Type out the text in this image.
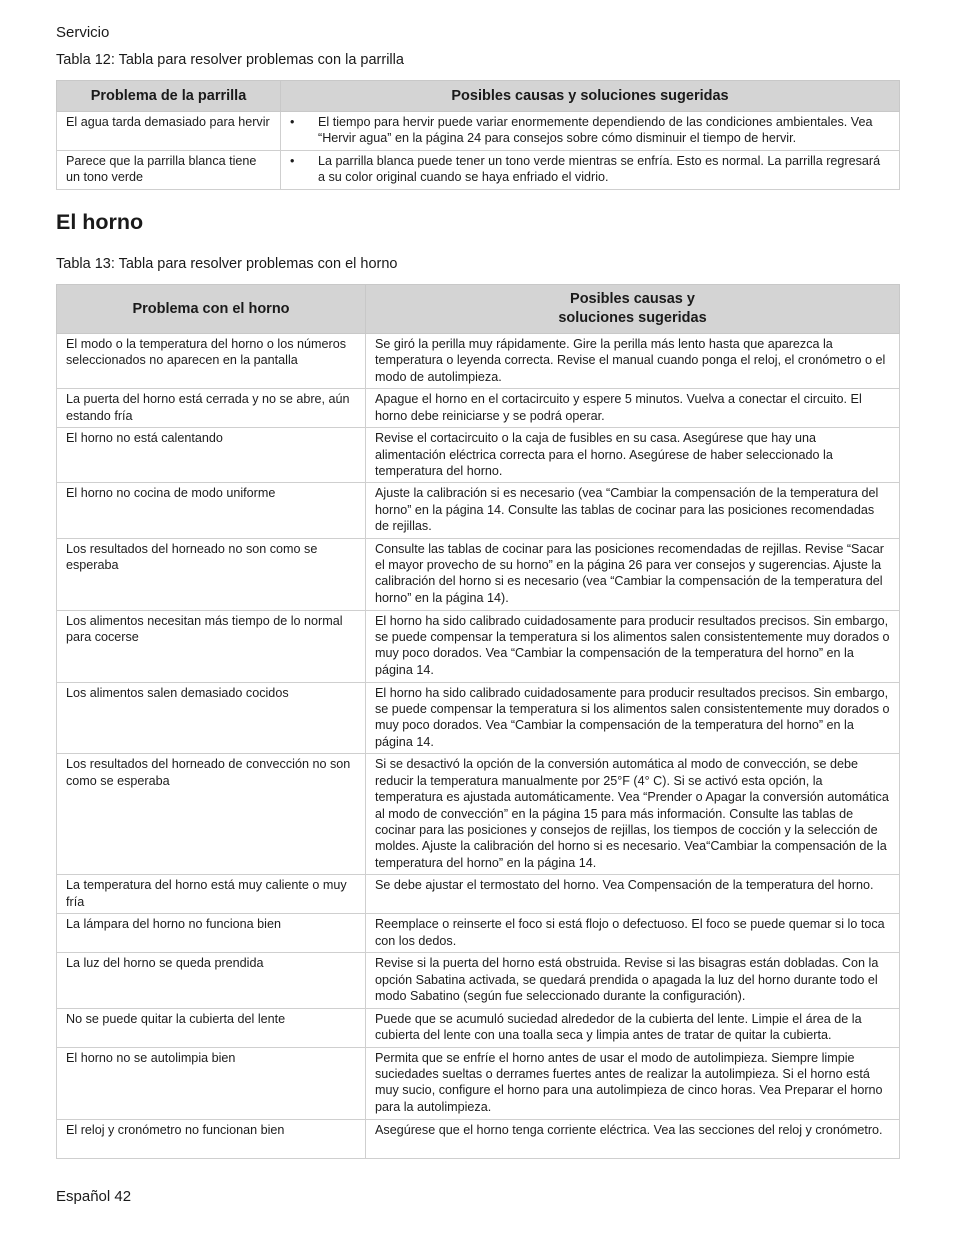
Servicio
Tabla 12: Tabla para resolver problemas con la parrilla
Problema de la parrilla	Posibles causas y soluciones sugeridas
El agua tarda demasiado para hervir	• El tiempo para hervir puede variar enormemente dependiendo de las condiciones ambientales. Vea “Hervir agua” en la página 24 para consejos sobre cómo disminuir el tiempo de hervir.

Parece que la parrilla blanca tiene un tono verde	• La parrilla blanca puede tener un tono verde mientras se enfría. Esto es normal. La parrilla regresará a su color original cuando se haya enfriado el vidrio.
El horno
Tabla 13: Tabla para resolver problemas con el horno
Problema con el horno	Posibles causas y
soluciones sugeridas

El modo o la temperatura del horno o los números seleccionados no aparecen en la pantalla	Se giró la perilla muy rápidamente. Gire la perilla más lento hasta que aparezca la temperatura o leyenda correcta. Revise el manual cuando ponga el reloj, el cronómetro o el modo de autolimpieza.
La puerta del horno está cerrada y no se abre, aún estando fría	Apague el horno en el cortacircuito y espere 5 minutos. Vuelva a conectar el circuito. El horno debe reiniciarse y se podrá operar.
El horno no está calentando	Revise el cortacircuito o la caja de fusibles en su casa. Asegúrese que hay una alimentación eléctrica correcta para el horno. Asegúrese de haber seleccionado la temperatura del horno.
El horno no cocina de modo uniforme	Ajuste la calibración si es necesario (vea “Cambiar la compensación de la temperatura del horno” en la página 14. Consulte las tablas de cocinar para las posiciones recomendadas de rejillas.
Los resultados del horneado no son como se esperaba	Consulte las tablas de cocinar para las posiciones recomendadas de rejillas. Revise “Sacar el mayor provecho de su horno” en la página 26 para ver consejos y sugerencias. Ajuste la calibración del horno si es necesario (vea “Cambiar la compensación de la temperatura del horno” en la página 14).
Los alimentos necesitan más tiempo de lo normal para cocerse	El horno ha sido calibrado cuidadosamente para producir resultados precisos. Sin embargo, se puede compensar la temperatura si los alimentos salen consistentemente muy dorados o muy poco dorados. Vea “Cambiar la compensación de la temperatura del horno” en la página 14.
Los alimentos salen demasiado cocidos	El horno ha sido calibrado cuidadosamente para producir resultados precisos. Sin embargo, se puede compensar la temperatura si los alimentos salen consistentemente muy dorados o muy poco dorados. Vea “Cambiar la compensación de la temperatura del horno” en la página 14.
Los resultados del horneado de convección no son como se esperaba	Si se desactivó la opción de la conversión automática al modo de convección, se debe reducir la temperatura manualmente por 25°F (4° C). Si se activó esta opción, la temperatura es ajustada automáticamente. Vea “Prender o Apagar la conversión automática al modo de convección” en la página 15 para más información. Consulte las tablas de cocinar para las posiciones y consejos de rejillas, los tiempos de cocción y la selección de moldes. Ajuste la calibración del horno si es necesario. Vea“Cambiar la compensación de la temperatura del horno” en la página 14.
La temperatura del horno está muy caliente o muy fría	Se debe ajustar el termostato del horno. Vea Compensación de la temperatura del horno.
La lámpara del horno no funciona bien	Reemplace o reinserte el foco si está flojo o defectuoso. El foco se puede quemar si lo toca con los dedos.
La luz del horno se queda prendida	Revise si la puerta del horno está obstruida. Revise si las bisagras están dobladas. Con la opción Sabatina activada, se quedará prendida o apagada la luz del horno durante todo el modo Sabatino (según fue seleccionado durante la configuración).
No se puede quitar la cubierta del lente	Puede que se acumuló suciedad alrededor de la cubierta del lente. Limpie el área de la cubierta del lente con una toalla seca y limpia antes de tratar de quitar la cubierta.
El horno no se autolimpia bien	Permita que se enfríe el horno antes de usar el modo de autolimpieza. Siempre limpie suciedades sueltas o derrames fuertes antes de realizar la autolimpieza. Si el horno está muy sucio, configure el horno para una autolimpieza de cinco horas. Vea Preparar el horno para la autolimpieza.
El reloj y cronómetro no funcionan bien	Asegúrese que el horno tenga corriente eléctrica. Vea las secciones del reloj y cronómetro.
Español 42
